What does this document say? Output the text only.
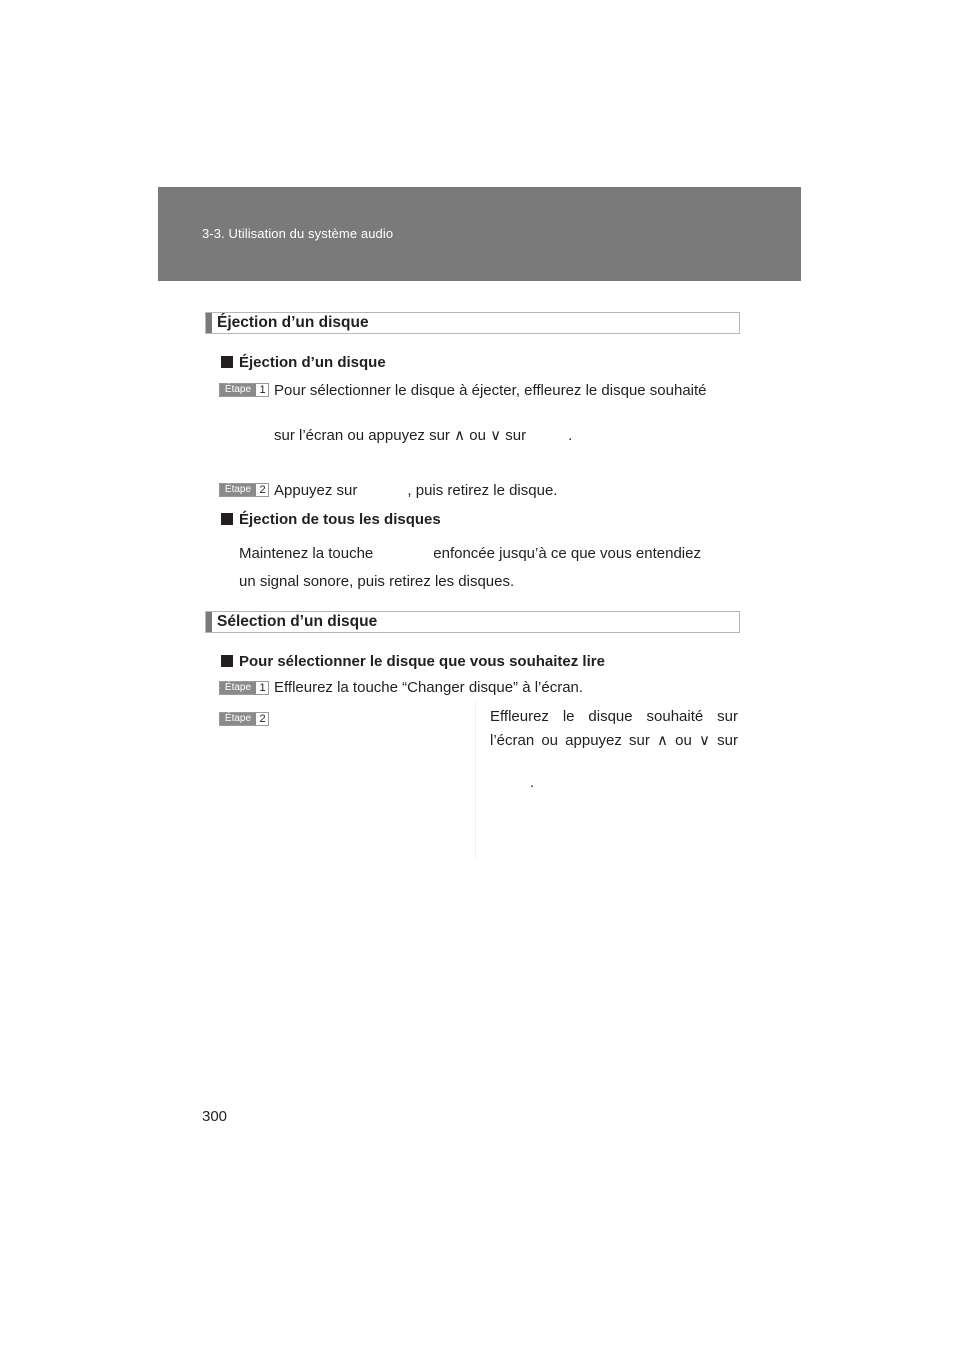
3-3. Utilisation du système audio
Éjection d’un disque
Éjection d’un disque
Étape 1 Pour sélectionner le disque à éjecter, effleurez le disque souhaité
sur l’écran ou appuyez sur ∧ ou ∨ sur	.
Étape 2 Appuyez sur	, puis retirez le disque.
Éjection de tous les disques
Maintenez la touche	enfoncée jusqu’à ce que vous entendiez
un signal sonore, puis retirez les disques.
Sélection d’un disque
Pour sélectionner le disque que vous souhaitez lire
Étape 1 Effleurez la touche “Changer disque” à l’écran.
Étape 2	Effleurez le disque souhaité sur
l’écran ou appuyez sur ∧ ou ∨ sur
.
300
